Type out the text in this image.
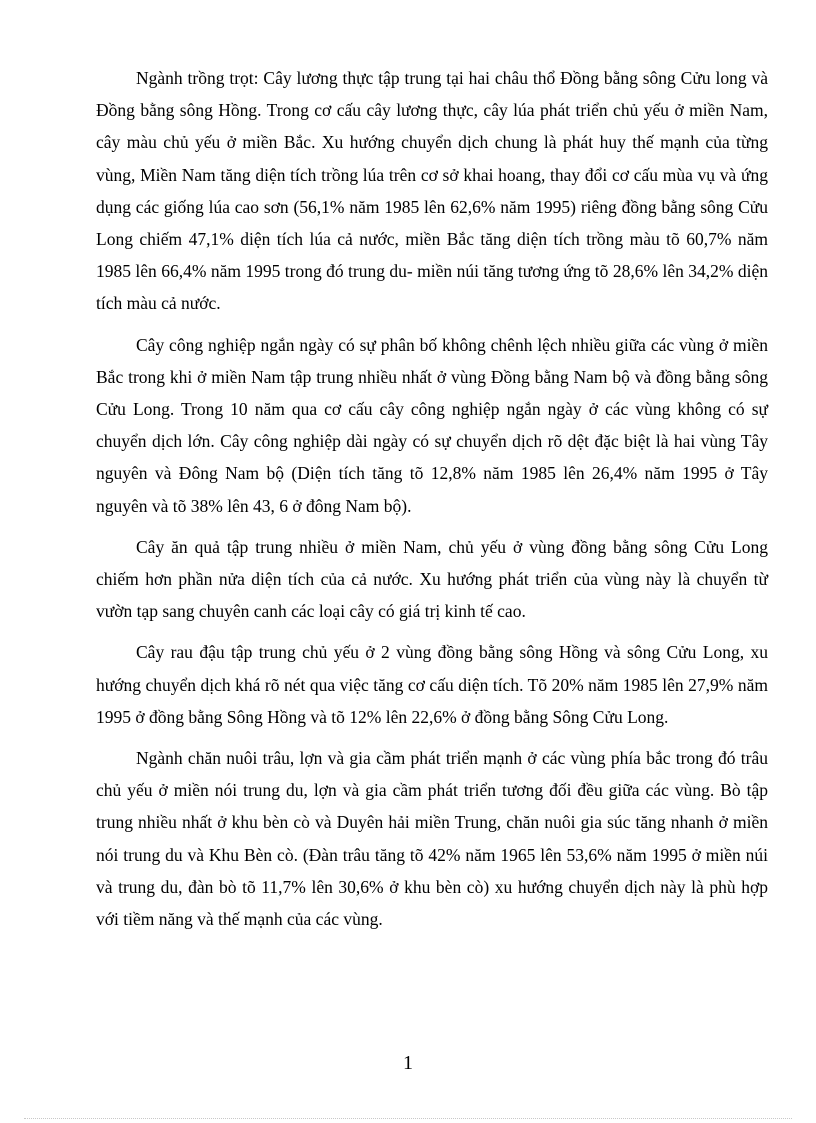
Ngành trồng trọt: Cây lương thực tập trung tại hai châu thổ Đồng bằng sông Cửu long và Đồng bằng sông Hồng. Trong cơ cấu cây lương thực, cây lúa phát triển chủ yếu ở miền Nam, cây màu chủ yếu ở miền Bắc. Xu hướng chuyển dịch chung là phát huy thế mạnh của từng vùng, Miền Nam tăng diện tích trồng lúa trên cơ sở khai hoang, thay đổi cơ cấu mùa vụ và ứng dụng các giống lúa cao sơn (56,1% năm 1985 lên 62,6% năm 1995) riêng đồng bằng sông Cửu Long chiếm 47,1% diện tích lúa cả nước, miền Bắc tăng diện tích trồng màu tõ 60,7% năm 1985 lên 66,4% năm 1995 trong đó trung du- miền núi tăng tương ứng tõ 28,6% lên 34,2% diện tích màu cả nước.

Cây công nghiệp ngắn ngày có sự phân bố không chênh lệch nhiều giữa các vùng ở miền Bắc trong khi ở miền Nam tập trung nhiều nhất ở vùng Đồng bằng Nam bộ và đồng bằng sông Cửu Long. Trong 10 năm qua cơ cấu cây công nghiệp ngắn ngày ở các vùng không có sự chuyển dịch lớn. Cây công nghiệp dài ngày có sự chuyển dịch rõ dệt đặc biệt là hai vùng Tây nguyên và Đông Nam bộ (Diện tích tăng tõ 12,8% năm 1985 lên 26,4% năm 1995 ở Tây nguyên và tõ 38% lên 43, 6 ở đông Nam bộ).

Cây ăn quả tập trung nhiều ở miền Nam, chủ yếu ở vùng đồng bằng sông Cửu Long chiếm hơn phần nửa diện tích của cả nước. Xu hướng phát triển của vùng này là chuyển từ vườn tạp sang chuyên canh các loại cây có giá trị kinh tế cao.

Cây rau đậu tập trung chủ yếu ở 2 vùng đồng bằng sông Hồng và sông Cửu Long, xu hướng chuyển dịch khá rõ nét qua việc tăng cơ cấu diện tích. Tõ 20% năm 1985 lên 27,9% năm 1995 ở đồng bằng Sông Hồng và tõ 12% lên 22,6% ở đồng bằng Sông Cửu Long.

Ngành chăn nuôi trâu, lợn và gia cầm phát triển mạnh ở các vùng phía bắc trong đó trâu chủ yếu ở miền nói trung du, lợn và gia cầm phát triển tương đối đều giữa các vùng. Bò tập trung nhiều nhất ở khu bèn cò và Duyên hải miền Trung, chăn nuôi gia súc tăng nhanh ở miền nói trung du và Khu Bèn cò. (Đàn trâu tăng tõ 42% năm 1965 lên 53,6% năm 1995 ở miền núi và trung du, đàn bò tõ 11,7% lên 30,6% ở khu bèn cò) xu hướng chuyển dịch này là phù hợp với tiềm năng và thế mạnh của các vùng.

1
